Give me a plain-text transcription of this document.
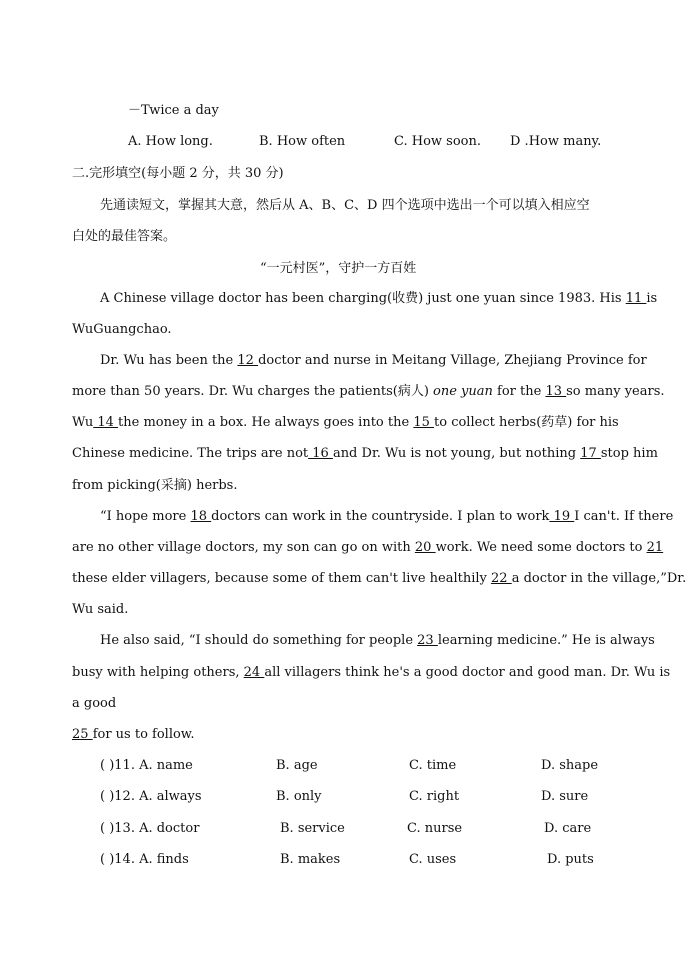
－Twice a day
A. How long.	B. How often	C. How soon. D .How many.
二.完形填空(每小题 2 分，共 30 分)
先通读短文，掌握其大意，然后从 A、B、C、D 四个选项中选出一个可以填入相应空
白处的最佳答案。
“一元村医”，守护一方百姓
A Chinese village doctor has been charging(收费) just one yuan since 1983. His 11 is
WuGuangchao.
Dr. Wu has been the 12 doctor and nurse in Meitang Village, Zhejiang Province for
more than 50 years. Dr. Wu charges the patients(病人) one yuan for the 13 so many years.
Wu 14 the money in a box. He always goes into the 15 to collect herbs(药草) for his
Chinese medicine. The trips are not 16 and Dr. Wu is not young, but nothing 17 stop him
from picking(采摘) herbs.
“I hope more 18 doctors can work in the countryside. I plan to work 19 I can't. If there
are no other village doctors, my son can go on with 20 work. We need some doctors to 21
these elder villagers, because some of them can't live healthily 22 a doctor in the village,”Dr.
Wu said.
He also said, “I should do something for people 23 learning medicine.” He is always
busy with helping others, 24 all villagers think he's a good doctor and good man. Dr. Wu is
a good
25 for us to follow.
( )11. A. name	B. age	C. time	D. shape
( )12. A. always	B. only	C. right	D. sure
( )13. A. doctor	B. service	C. nurse	D. care
( )14. A. finds	B. makes	C. uses	D. puts
